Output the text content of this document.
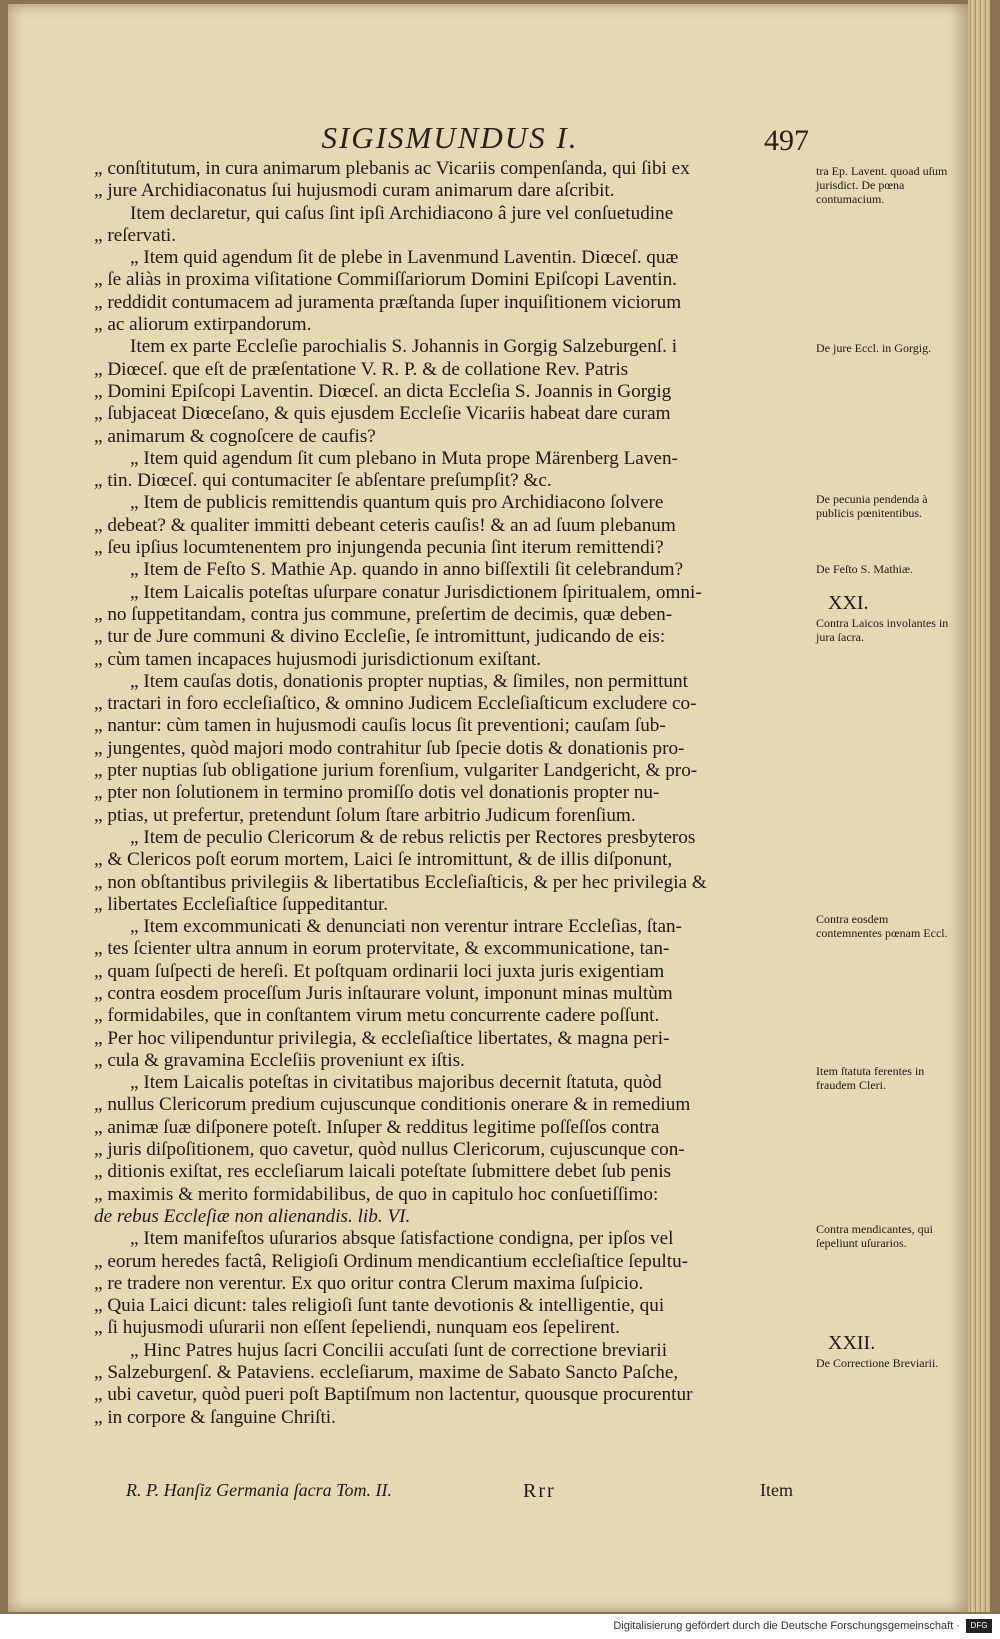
SIGISMUNDUS I.	497
„ conſtitutum, in cura animarum plebanis ac Vicariis compenſanda, qui ſibi ex
„ jure Archidiaconatus ſui hujusmodi curam animarum dare aſcribit.
Item declaretur, qui caſus ſint ipſi Archidiacono â jure vel conſuetudine
„ reſervati.
„ Item quid agendum ſit de plebe in Lavenmund Laventin. Diœceſ. quæ
„ ſe aliàs in proxima viſitatione Commiſſariorum Domini Epiſcopi Laventin.
„ reddidit contumacem ad juramenta præſtanda ſuper inquiſitionem viciorum
„ ac aliorum extirpandorum.
Item ex parte Eccleſie parochialis S. Johannis in Gorgig Salzeburgenſ. i
„ Diœceſ. que eſt de præſentatione V. R. P. & de collatione Rev. Patris
„ Domini Epiſcopi Laventin. Diœceſ. an dicta Eccleſia S. Joannis in Gorgig
„ ſubjaceat Diœceſano, & quis ejusdem Eccleſie Vicariis habeat dare curam
„ animarum & cognoſcere de caufis?
„ Item quid agendum ſit cum plebano in Muta prope Märenberg Laven-
„ tin. Diœceſ. qui contumaciter ſe abſentare preſumpſit? &c.
„ Item de publicis remittendis quantum quis pro Archidiacono ſolvere
„ debeat? & qualiter immitti debeant ceteris cauſis! & an ad ſuum plebanum
„ ſeu ipſius locumtenentem pro injungenda pecunia ſint iterum remittendi?
„ Item de Feſto S. Mathie Ap. quando in anno biſſextili ſit celebrandum?
„ Item Laicalis poteſtas uſurpare conatur Jurisdictionem ſpiritualem, omni-
„ no ſuppetitandam, contra jus commune, preſertim de decimis, quæ deben-
„ tur de Jure communi & divino Eccleſie, ſe intromittunt, judicando de eis:
„ cùm tamen incapaces hujusmodi jurisdictionum exiſtant.
„ Item cauſas dotis, donationis propter nuptias, & ſimiles, non permittunt
„ tractari in foro eccleſiaſtico, & omnino Judicem Eccleſiaſticum excludere co-
„ nantur: cùm tamen in hujusmodi cauſis locus ſit preventioni; cauſam ſub-
„ jungentes, quòd majori modo contrahitur ſub ſpecie dotis & donationis pro-
„ pter nuptias ſub obligatione jurium forenſium, vulgariter Landgericht, & pro-
„ pter non ſolutionem in termino promiſſo dotis vel donationis propter nu-
„ ptias, ut prefertur, pretendunt ſolum ſtare arbitrio Judicum forenſium.
„ Item de peculio Clericorum & de rebus relictis per Rectores presbyteros
„ & Clericos poſt eorum mortem, Laici ſe intromittunt, & de illis diſponunt,
„ non obſtantibus privilegiis & libertatibus Eccleſiaſticis, & per hec privilegia &
„ libertates Eccleſiaſtice ſuppeditantur.
„ Item excommunicati & denunciati non verentur intrare Eccleſias, ſtan-
„ tes ſcienter ultra annum in eorum protervitate, & excommunicatione, tan-
„ quam ſuſpecti de hereſi. Et poſtquam ordinarii loci juxta juris exigentiam
„ contra eosdem proceſſum Juris inſtaurare volunt, imponunt minas multùm
„ formidabiles, que in conſtantem virum metu concurrente cadere poſſunt.
„ Per hoc vilipenduntur privilegia, & eccleſiaſtice libertates, & magna peri-
„ cula & gravamina Eccleſiis proveniunt ex iſtis.
„ Item Laicalis poteſtas in civitatibus majoribus decernit ſtatuta, quòd
„ nullus Clericorum predium cujuscunque conditionis onerare & in remedium
„ animæ ſuæ diſponere poteſt. Inſuper & redditus legitime poſſeſſos contra
„ juris diſpoſitionem, quo cavetur, quòd nullus Clericorum, cujuscunque con-
„ ditionis exiſtat, res eccleſiarum laicali poteſtate ſubmittere debet ſub penis
„ maximis & merito formidabilibus, de quo in capitulo hoc conſuetiſſimo:
de rebus Eccleſiæ non alienandis. lib. VI.
„ Item manifeſtos uſurarios absque ſatisfactione condigna, per ipſos vel
„ eorum heredes factâ, Religioſi Ordinum mendicantium eccleſiaſtice ſepultu-
„ re tradere non verentur. Ex quo oritur contra Clerum maxima ſuſpicio.
„ Quia Laici dicunt: tales religioſi ſunt tante devotionis & intelligentie, qui
„ ſi hujusmodi uſurarii non eſſent ſepeliendi, nunquam eos ſepelirent.
„ Hinc Patres hujus ſacri Concilii accuſati ſunt de correctione breviarii
„ Salzeburgenſ. & Pataviens. eccleſiarum, maxime de Sabato Sancto Paſche,
„ ubi cavetur, quòd pueri poſt Baptiſmum non lactentur, quousque procurentur
„ in corpore & ſanguine Chriſti.
tra Ep. Lavent. quoad uſum jurisdict. De pœna contumacium.
De jure Eccl. in Gorgig.
De pecunia pendenda à publicis pœnitentibus.
De Feſto S. Mathiæ.
XXI.
Contra Laicos involantes in jura ſacra.
Contra eosdem contemnentes pœnam Eccl.
Item ſtatuta ferentes in fraudem Cleri.
Contra mendicantes, qui ſepeliunt uſurarios.
XXII.
De Correctione Breviarii.
R. P. Hanſiz Germania ſacra Tom. II.	Rrr	Item
Digitalisierung gefördert durch die Deutsche Forschungsgemeinschaft ·	DFG
